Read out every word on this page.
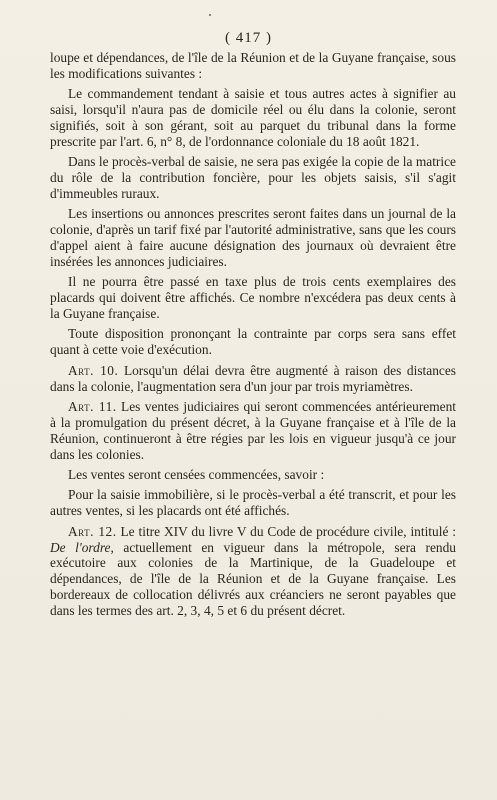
( 417 )

loupe et dépendances, de l'île de la Réunion et de la Guyane française, sous les modifications suivantes :

Le commandement tendant à saisie et tous autres actes à signifier au saisi, lorsqu'il n'aura pas de domicile réel ou élu dans la colonie, seront signifiés, soit à son gérant, soit au parquet du tribunal dans la forme prescrite par l'art. 6, n° 8, de l'ordonnance coloniale du 18 août 1821.

Dans le procès-verbal de saisie, ne sera pas exigée la copie de la matrice du rôle de la contribution foncière, pour les objets saisis, s'il s'agit d'immeubles ruraux.

Les insertions ou annonces prescrites seront faites dans un journal de la colonie, d'après un tarif fixé par l'autorité administrative, sans que les cours d'appel aient à faire aucune désignation des journaux où devraient être insérées les annonces judiciaires.

Il ne pourra être passé en taxe plus de trois cents exemplaires des placards qui doivent être affichés. Ce nombre n'excédera pas deux cents à la Guyane française.

Toute disposition prononçant la contrainte par corps sera sans effet quant à cette voie d'exécution.

Art. 10. Lorsqu'un délai devra être augmenté à raison des distances dans la colonie, l'augmentation sera d'un jour par trois myriamètres.

Art. 11. Les ventes judiciaires qui seront commencées antérieurement à la promulgation du présent décret, à la Guyane française et à l'île de la Réunion, continueront à être régies par les lois en vigueur jusqu'à ce jour dans les colonies.

Les ventes seront censées commencées, savoir :

Pour la saisie immobilière, si le procès-verbal a été transcrit, et pour les autres ventes, si les placards ont été affichés.

Art. 12. Le titre XIV du livre V du Code de procédure civile, intitulé : De l'ordre, actuellement en vigueur dans la métropole, sera rendu exécutoire aux colonies de la Martinique, de la Guadeloupe et dépendances, de l'île de la Réunion et de la Guyane française. Les bordereaux de collocation délivrés aux créanciers ne seront payables que dans les termes des art. 2, 3, 4, 5 et 6 du présent décret.
